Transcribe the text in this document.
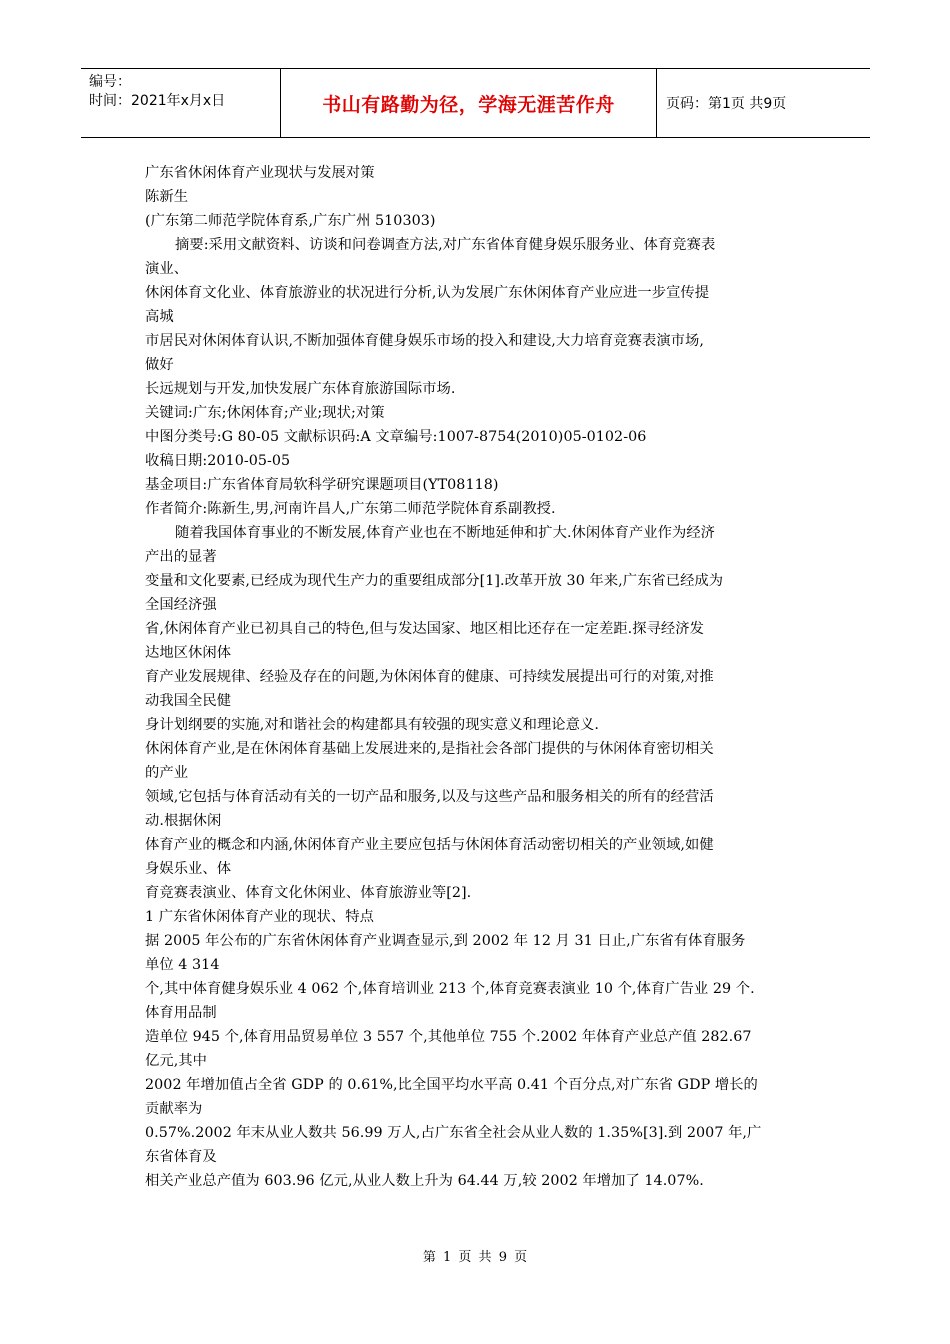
编号：
时间：2021年x月x日	书山有路勤为径，学海无涯苦作舟	页码：第1页 共9页

广东省休闲体育产业现状与发展对策

陈新生

(广东第二师范学院体育系,广东广州 510303)

摘要:采用文献资料、访谈和问卷调查方法,对广东省体育健身娱乐服务业、体育竞赛表

演业、

休闲体育文化业、体育旅游业的状况进行分析,认为发展广东休闲体育产业应进一步宣传提

高城

市居民对休闲体育认识,不断加强体育健身娱乐市场的投入和建设,大力培育竞赛表演市场,

做好

长远规划与开发,加快发展广东体育旅游国际市场.

关键词:广东;休闲体育;产业;现状;对策

中图分类号:G 80-05 文献标识码:A 文章编号:1007-8754(2010)05-0102-06

收稿日期:2010-05-05

基金项目:广东省体育局软科学研究课题项目(YT08118)

作者简介:陈新生,男,河南许昌人,广东第二师范学院体育系副教授.

随着我国体育事业的不断发展,体育产业也在不断地延伸和扩大.休闲体育产业作为经济

产出的显著

变量和文化要素,已经成为现代生产力的重要组成部分[1].改革开放 30 年来,广东省已经成为

全国经济强

省,休闲体育产业已初具自己的特色,但与发达国家、地区相比还存在一定差距.探寻经济发

达地区休闲体

育产业发展规律、经验及存在的问题,为休闲体育的健康、可持续发展提出可行的对策,对推

动我国全民健

身计划纲要的实施,对和谐社会的构建都具有较强的现实意义和理论意义.

休闲体育产业,是在休闲体育基础上发展进来的,是指社会各部门提供的与休闲体育密切相关

的产业

领域,它包括与体育活动有关的一切产品和服务,以及与这些产品和服务相关的所有的经营活

动.根据休闲

体育产业的概念和内涵,休闲体育产业主要应包括与休闲体育活动密切相关的产业领域,如健

身娱乐业、体

育竞赛表演业、体育文化休闲业、体育旅游业等[2].

1 广东省休闲体育产业的现状、特点

据 2005 年公布的广东省休闲体育产业调查显示,到 2002 年 12 月 31 日止,广东省有体育服务

单位 4 314

个,其中体育健身娱乐业 4 062 个,体育培训业 213 个,体育竞赛表演业 10 个,体育广告业 29 个.

体育用品制

造单位 945 个,体育用品贸易单位 3 557 个,其他单位 755 个.2002 年体育产业总产值 282.67

亿元,其中

2002 年增加值占全省 GDP 的 0.61%,比全国平均水平高 0.41 个百分点,对广东省 GDP 增长的

贡献率为

0.57%.2002 年末从业人数共 56.99 万人,占广东省全社会从业人数的 1.35%[3].到 2007 年,广

东省体育及

相关产业总产值为 603.96 亿元,从业人数上升为 64.44 万,较 2002 年增加了 14.07%.

第 1 页 共 9 页
